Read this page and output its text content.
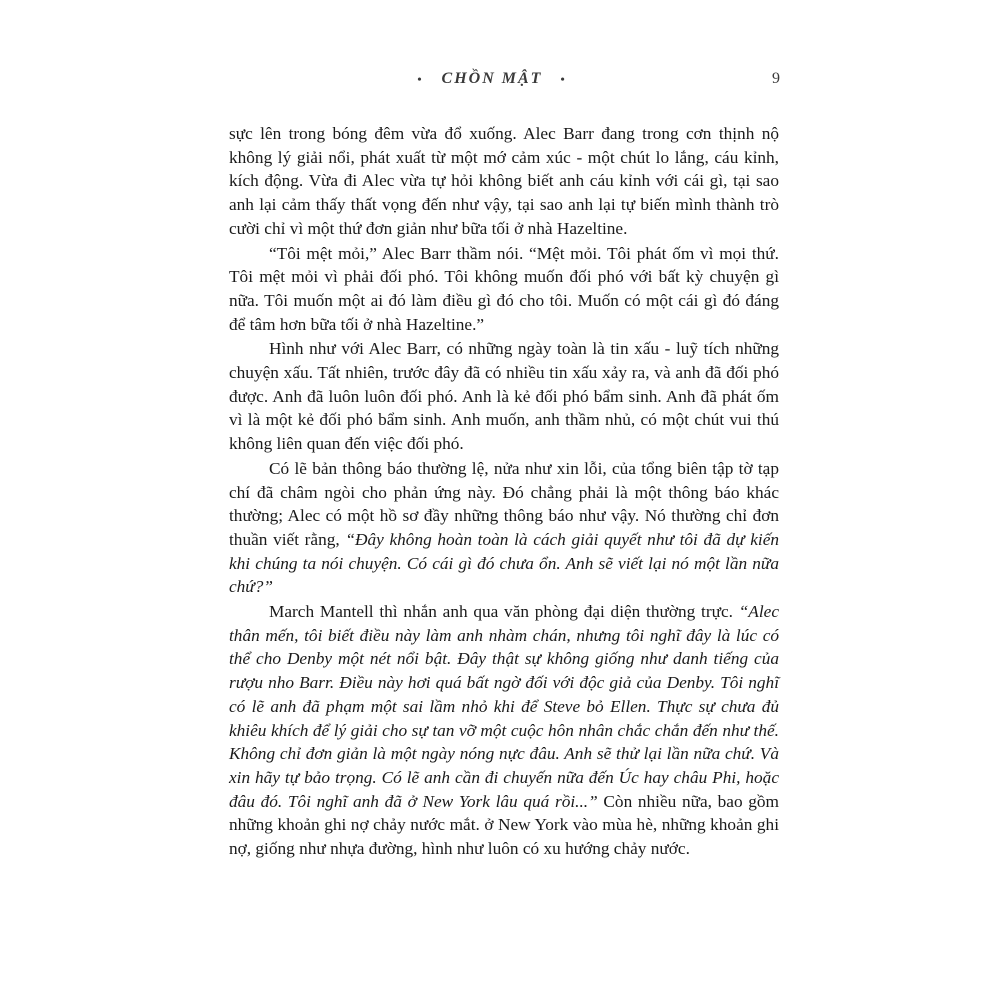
• CHỒN MẬT •	9

sực lên trong bóng đêm vừa đổ xuống. Alec Barr đang trong cơn thịnh nộ không lý giải nổi, phát xuất từ một mớ cảm xúc - một chút lo lắng, cáu kỉnh, kích động. Vừa đi Alec vừa tự hỏi không biết anh cáu kỉnh với cái gì, tại sao anh lại cảm thấy thất vọng đến như vậy, tại sao anh lại tự biến mình thành trò cười chỉ vì một thứ đơn giản như bữa tối ở nhà Hazeltine.

“Tôi mệt mỏi,” Alec Barr thầm nói. “Mệt mỏi. Tôi phát ốm vì mọi thứ. Tôi mệt mỏi vì phải đối phó. Tôi không muốn đối phó với bất kỳ chuyện gì nữa. Tôi muốn một ai đó làm điều gì đó cho tôi. Muốn có một cái gì đó đáng để tâm hơn bữa tối ở nhà Hazeltine.”

Hình như với Alec Barr, có những ngày toàn là tin xấu - luỹ tích những chuyện xấu. Tất nhiên, trước đây đã có nhiều tin xấu xảy ra, và anh đã đối phó được. Anh đã luôn luôn đối phó. Anh là kẻ đối phó bẩm sinh. Anh đã phát ốm vì là một kẻ đối phó bẩm sinh. Anh muốn, anh thầm nhủ, có một chút vui thú không liên quan đến việc đối phó.

Có lẽ bản thông báo thường lệ, nửa như xin lỗi, của tổng biên tập tờ tạp chí đã châm ngòi cho phản ứng này. Đó chẳng phải là một thông báo khác thường; Alec có một hồ sơ đầy những thông báo như vậy. Nó thường chỉ đơn thuần viết rằng, “Đây không hoàn toàn là cách giải quyết như tôi đã dự kiến khi chúng ta nói chuyện. Có cái gì đó chưa ổn. Anh sẽ viết lại nó một lần nữa chứ?”

March Mantell thì nhắn anh qua văn phòng đại diện thường trực. “Alec thân mến, tôi biết điều này làm anh nhàm chán, nhưng tôi nghĩ đây là lúc có thể cho Denby một nét nổi bật. Đây thật sự không giống như danh tiếng của rượu nho Barr. Điều này hơi quá bất ngờ đối với độc giả của Denby. Tôi nghĩ có lẽ anh đã phạm một sai lầm nhỏ khi để Steve bỏ Ellen. Thực sự chưa đủ khiêu khích để lý giải cho sự tan vỡ một cuộc hôn nhân chắc chắn đến như thế. Không chỉ đơn giản là một ngày nóng nực đâu. Anh sẽ thử lại lần nữa chứ. Và xin hãy tự bảo trọng. Có lẽ anh cần đi chuyến nữa đến Úc hay châu Phi, hoặc đâu đó. Tôi nghĩ anh đã ở New York lâu quá rồi...” Còn nhiều nữa, bao gồm những khoản ghi nợ chảy nước mắt. ở New York vào mùa hè, những khoản ghi nợ, giống như nhựa đường, hình như luôn có xu hướng chảy nước.
